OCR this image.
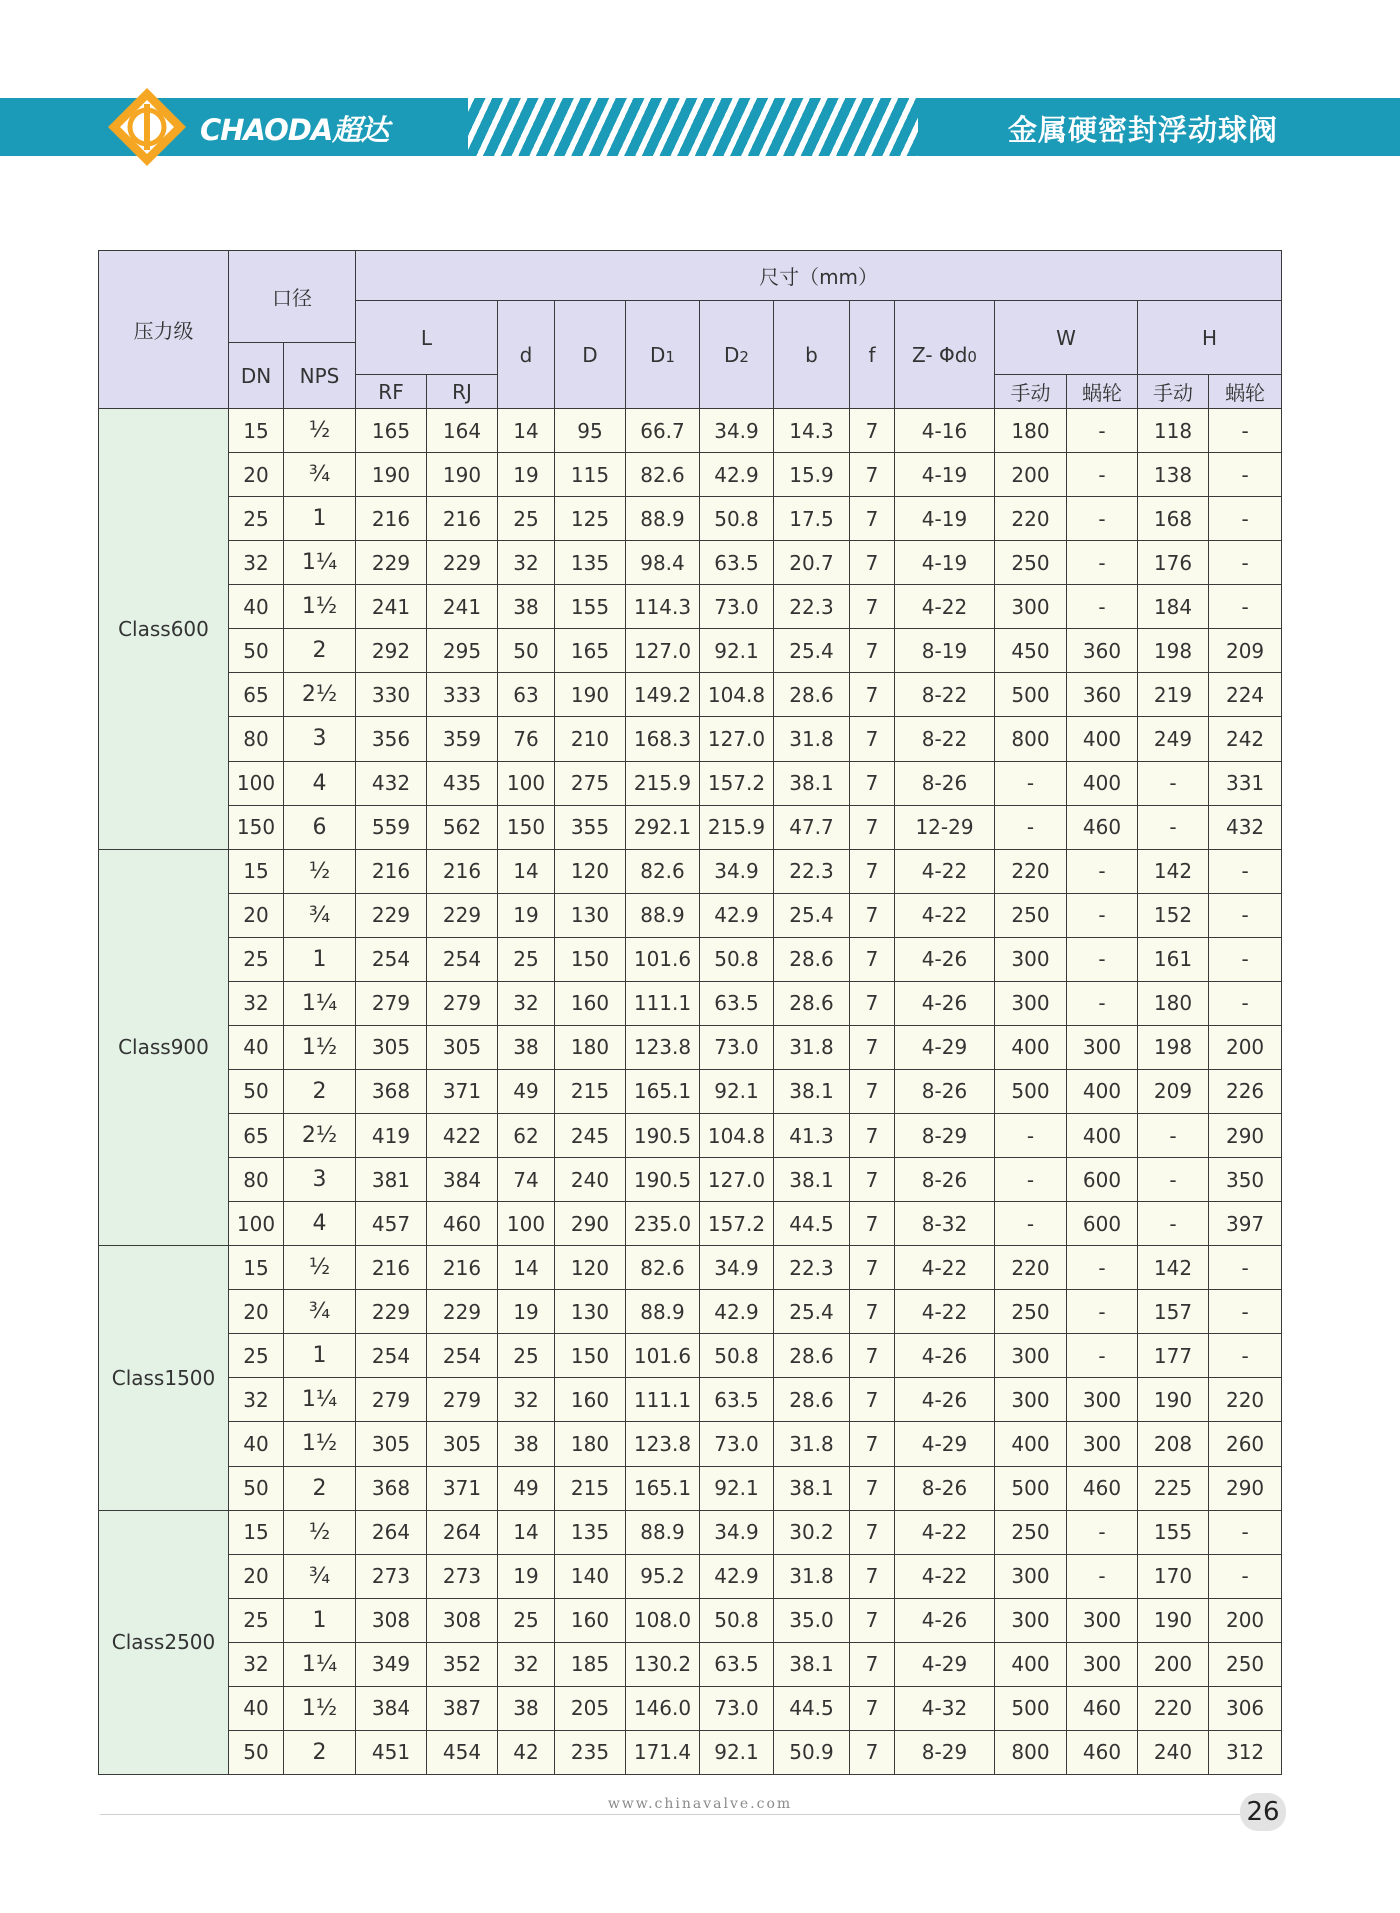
CHAODA超达	金属硬密封浮动球阀
压力级	口径		尺寸（mm）												
			L		d	D	D1	D2	b	f	Z- Φd0	W		H	
	DN	NPS													
			RF	RJ								手动	蜗轮	手动	蜗轮
Class600	15	½	165	164	14	95	66.7	34.9	14.3	7	4-16	180	-	118	-
	20	¾	190	190	19	115	82.6	42.9	15.9	7	4-19	200	-	138	-
	25	1	216	216	25	125	88.9	50.8	17.5	7	4-19	220	-	168	-
	32	1¼	229	229	32	135	98.4	63.5	20.7	7	4-19	250	-	176	-
	40	1½	241	241	38	155	114.3	73.0	22.3	7	4-22	300	-	184	-
	50	2	292	295	50	165	127.0	92.1	25.4	7	8-19	450	360	198	209
	65	2½	330	333	63	190	149.2	104.8	28.6	7	8-22	500	360	219	224
	80	3	356	359	76	210	168.3	127.0	31.8	7	8-22	800	400	249	242
	100	4	432	435	100	275	215.9	157.2	38.1	7	8-26	-	400	-	331
	150	6	559	562	150	355	292.1	215.9	47.7	7	12-29	-	460	-	432
Class900	15	½	216	216	14	120	82.6	34.9	22.3	7	4-22	220	-	142	-
	20	¾	229	229	19	130	88.9	42.9	25.4	7	4-22	250	-	152	-
	25	1	254	254	25	150	101.6	50.8	28.6	7	4-26	300	-	161	-
	32	1¼	279	279	32	160	111.1	63.5	28.6	7	4-26	300	-	180	-
	40	1½	305	305	38	180	123.8	73.0	31.8	7	4-29	400	300	198	200
	50	2	368	371	49	215	165.1	92.1	38.1	7	8-26	500	400	209	226
	65	2½	419	422	62	245	190.5	104.8	41.3	7	8-29	-	400	-	290
	80	3	381	384	74	240	190.5	127.0	38.1	7	8-26	-	600	-	350
	100	4	457	460	100	290	235.0	157.2	44.5	7	8-32	-	600	-	397
Class1500	15	½	216	216	14	120	82.6	34.9	22.3	7	4-22	220	-	142	-
	20	¾	229	229	19	130	88.9	42.9	25.4	7	4-22	250	-	157	-
	25	1	254	254	25	150	101.6	50.8	28.6	7	4-26	300	-	177	-
	32	1¼	279	279	32	160	111.1	63.5	28.6	7	4-26	300	300	190	220
	40	1½	305	305	38	180	123.8	73.0	31.8	7	4-29	400	300	208	260
	50	2	368	371	49	215	165.1	92.1	38.1	7	8-26	500	460	225	290
Class2500	15	½	264	264	14	135	88.9	34.9	30.2	7	4-22	250	-	155	-
	20	¾	273	273	19	140	95.2	42.9	31.8	7	4-22	300	-	170	-
	25	1	308	308	25	160	108.0	50.8	35.0	7	4-26	300	300	190	200
	32	1¼	349	352	32	185	130.2	63.5	38.1	7	4-29	400	300	200	250
	40	1½	384	387	38	205	146.0	73.0	44.5	7	4-32	500	460	220	306
	50	2	451	454	42	235	171.4	92.1	50.9	7	8-29	800	460	240	312
www.chinavalve.com	26
